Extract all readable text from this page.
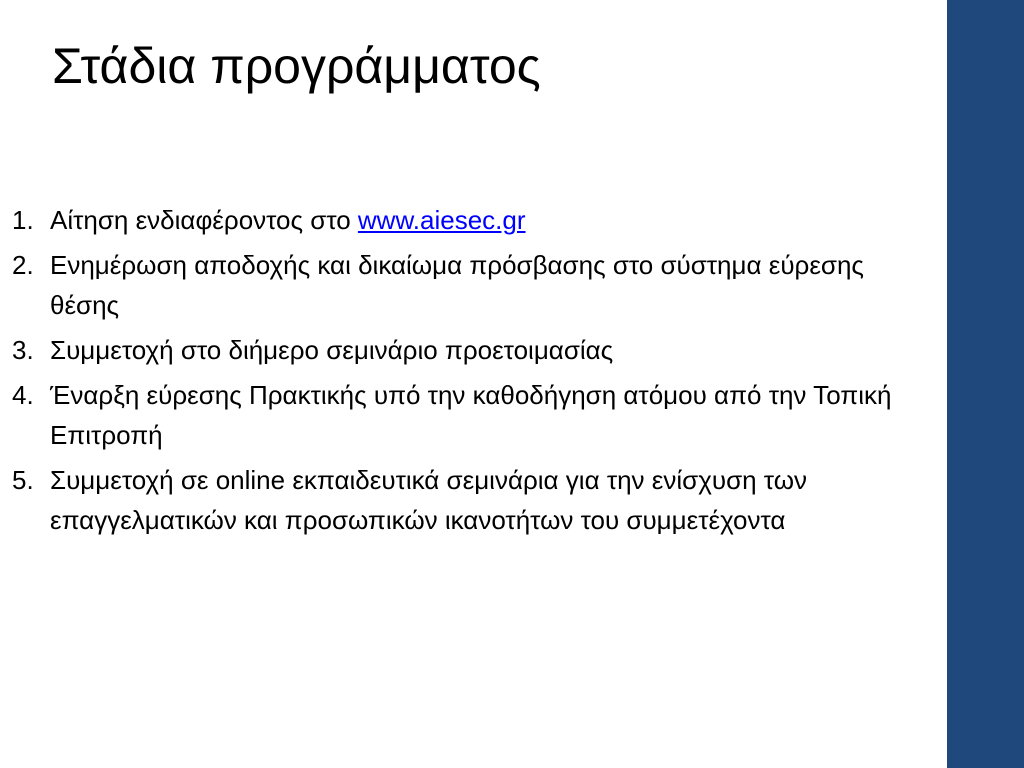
Στάδια προγράμματος
1. Αίτηση ενδιαφέροντος στο www.aiesec.gr
2. Ενημέρωση αποδοχής και δικαίωμα πρόσβασης στο σύστημα εύρεσης θέσης
3. Συμμετοχή στο διήμερο σεμινάριο προετοιμασίας
4. Έναρξη εύρεσης Πρακτικής υπό την καθοδήγηση ατόμου από την Τοπική Επιτροπή
5. Συμμετοχή σε online εκπαιδευτικά σεμινάρια για την ενίσχυση των επαγγελματικών και προσωπικών ικανοτήτων του συμμετέχοντα
